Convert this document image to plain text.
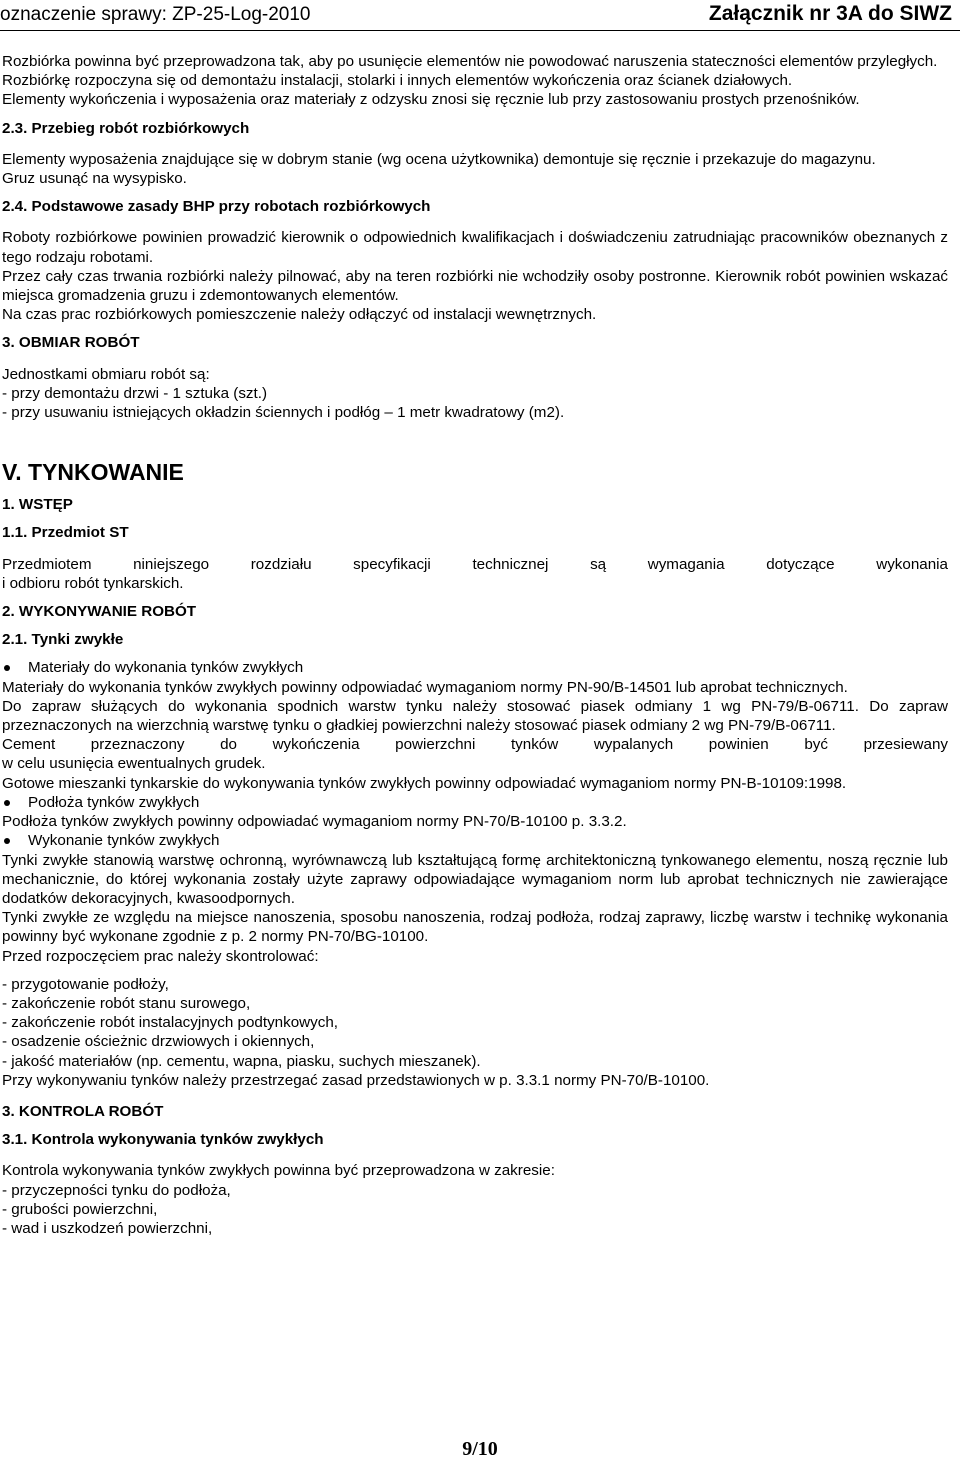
oznaczenie sprawy: ZP-25-Log-2010	Załącznik nr 3A do SIWZ

Rozbiórka powinna być przeprowadzona tak, aby po usunięcie elementów nie powodować naruszenia stateczności elementów przyległych.

Rozbiórkę rozpoczyna się od demontażu instalacji, stolarki i innych elementów wykończenia oraz ścianek działowych.

Elementy wykończenia i wyposażenia oraz materiały z odzysku znosi się ręcznie lub przy zastosowaniu prostych przenośników.

2.3. Przebieg robót rozbiórkowych

Elementy wyposażenia znajdujące się w dobrym stanie (wg ocena użytkownika) demontuje się ręcznie i przekazuje do magazynu.

Gruz usunąć na wysypisko.

2.4. Podstawowe zasady BHP przy robotach rozbiórkowych

Roboty rozbiórkowe powinien prowadzić kierownik o odpowiednich kwalifikacjach i doświadczeniu zatrudniając pracowników obeznanych z tego rodzaju robotami.

Przez cały czas trwania rozbiórki należy pilnować, aby na teren rozbiórki nie wchodziły osoby postronne. Kierownik robót powinien wskazać miejsca gromadzenia gruzu i zdemontowanych elementów.

Na czas prac rozbiórkowych pomieszczenie należy odłączyć od instalacji wewnętrznych.

3. OBMIAR ROBÓT

Jednostkami obmiaru robót są:

- przy demontażu drzwi - 1 sztuka (szt.)

- przy usuwaniu istniejących okładzin ściennych i podłóg – 1 metr kwadratowy (m2).

V. TYNKOWANIE

1. WSTĘP

1.1. Przedmiot ST

Przedmiotem niniejszego rozdziału specyfikacji technicznej są wymagania dotyczące wykonania

i odbioru robót tynkarskich.

2. WYKONYWANIE ROBÓT

2.1. Tynki zwykłe

Materiały do wykonania tynków zwykłych

Materiały do wykonania tynków zwykłych powinny odpowiadać wymaganiom normy PN-90/B-14501 lub aprobat technicznych.

Do zapraw służących do wykonania spodnich warstw tynku należy stosować piasek odmiany 1 wg PN-79/B-06711. Do zapraw przeznaczonych na wierzchnią warstwę tynku o gładkiej powierzchni należy stosować piasek odmiany 2 wg PN-79/B-06711.

Cement przeznaczony do wykończenia powierzchni tynków wypalanych powinien być przesiewany

w celu usunięcia ewentualnych grudek.

Gotowe mieszanki tynkarskie do wykonywania tynków zwykłych powinny odpowiadać wymaganiom normy PN-B-10109:1998.

Podłoża tynków zwykłych

Podłoża tynków zwykłych powinny odpowiadać wymaganiom normy PN-70/B-10100 p. 3.3.2.

Wykonanie tynków zwykłych

Tynki zwykłe stanowią warstwę ochronną, wyrównawczą lub kształtującą formę architektoniczną tynkowanego elementu, noszą ręcznie lub mechanicznie, do której wykonania zostały użyte zaprawy odpowiadające wymaganiom norm lub aprobat technicznych nie zawierające dodatków dekoracyjnych, kwasoodpornych.

Tynki zwykłe ze względu na miejsce nanoszenia, sposobu nanoszenia, rodzaj podłoża, rodzaj zaprawy, liczbę warstw i technikę wykonania powinny być wykonane zgodnie z p. 2 normy PN-70/BG-10100.

Przed rozpoczęciem prac należy skontrolować:

- przygotowanie podłoży,

- zakończenie robót stanu surowego,

- zakończenie robót instalacyjnych podtynkowych,

- osadzenie ościeżnic drzwiowych i okiennych,

- jakość materiałów (np. cementu, wapna, piasku, suchych mieszanek).

Przy wykonywaniu tynków należy przestrzegać zasad przedstawionych w p. 3.3.1 normy PN-70/B-10100.

3. KONTROLA ROBÓT

3.1. Kontrola wykonywania tynków zwykłych

Kontrola wykonywania tynków zwykłych powinna być przeprowadzona w zakresie:

- przyczepności tynku do podłoża,

- grubości powierzchni,

- wad i uszkodzeń powierzchni,

9/10
